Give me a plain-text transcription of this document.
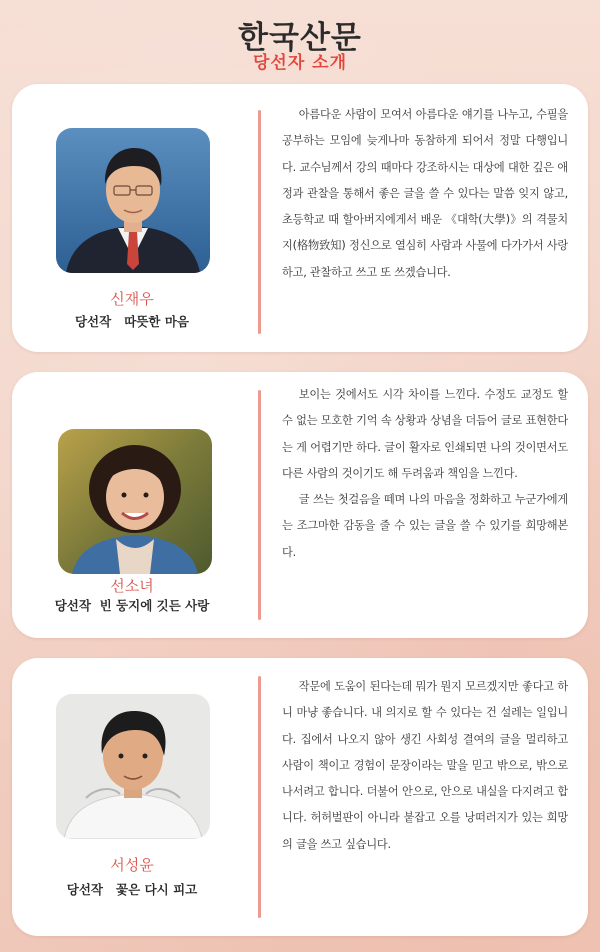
한국산문
당선자 소개
신재우
당선작   따뜻한 마음

아름다운 사람이 모여서 아름다운 얘기를 나누고, 수필을 공부하는 모임에 늦게나마 동참하게 되어서 정말 다행입니다. 교수님께서 강의 때마다 강조하시는 대상에 대한 깊은 애정과 관찰을 통해서 좋은 글을 쓸 수 있다는 말씀 잊지 않고, 초등학교 때 할아버지에게서 배운 《대학(大學)》의 격물치지(格物致知) 정신으로 열심히 사람과 사물에 다가가서 사랑하고, 관찰하고 쓰고 또 쓰겠습니다.

선소녀
당선작  빈 둥지에 깃든 사랑

보이는 것에서도 시각 차이를 느낀다. 수정도 교정도 할 수 없는 모호한 기억 속 상황과 상념을 더듬어 글로 표현한다는 게 어렵기만 하다. 글이 활자로 인쇄되면 나의 것이면서도 다른 사람의 것이기도 해 두려움과 책임을 느낀다.

글 쓰는 첫걸음을 떼며 나의 마음을 정화하고 누군가에게는 조그마한 감동을 줄 수 있는 글을 쓸 수 있기를 희망해본다.

서성윤
당선작   꽃은 다시 피고

작문에 도움이 된다는데 뭐가 뭔지 모르겠지만 좋다고 하니 마냥 좋습니다. 내 의지로 할 수 있다는 건 설레는 일입니다. 집에서 나오지 않아 생긴 사회성 결여의 글을 멀리하고 사람이 책이고 경험이 문장이라는 말을 믿고 밖으로, 밖으로 나서려고 합니다. 더불어 안으로, 안으로 내실을 다지려고 합니다. 허허벌판이 아니라 붙잡고 오를 낭떠러지가 있는 희망의 글을 쓰고 싶습니다.
